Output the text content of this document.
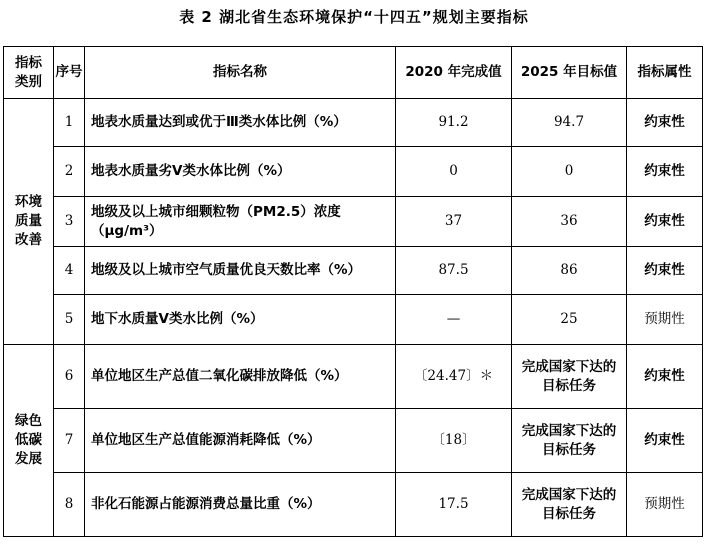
表 2 湖北省生态环境保护“十四五”规划主要指标
指标类别	序号	指标名称	2020 年完成值	2025 年目标值	指标属性

环境质量改善	1	地表水质量达到或优于Ⅲ类水体比例（%）	91.2	94.7	约束性
	2	地表水质量劣Ⅴ类水体比例（%）	0	0	约束性
	3	地级及以上城市细颗粒物（PM2.5）浓度（μg/m³）	37	36	约束性
	4	地级及以上城市空气质量优良天数比率（%）	87.5	86	约束性
	5	地下水质量Ⅴ类水比例（%）	—	25	预期性

绿色低碳发展	6	单位地区生产总值二氧化碳排放降低（%）	〔24.47〕＊	完成国家下达的目标任务	约束性
	7	单位地区生产总值能源消耗降低（%）	〔18〕	完成国家下达的目标任务	约束性
	8	非化石能源占能源消费总量比重（%）	17.5	完成国家下达的目标任务	预期性
